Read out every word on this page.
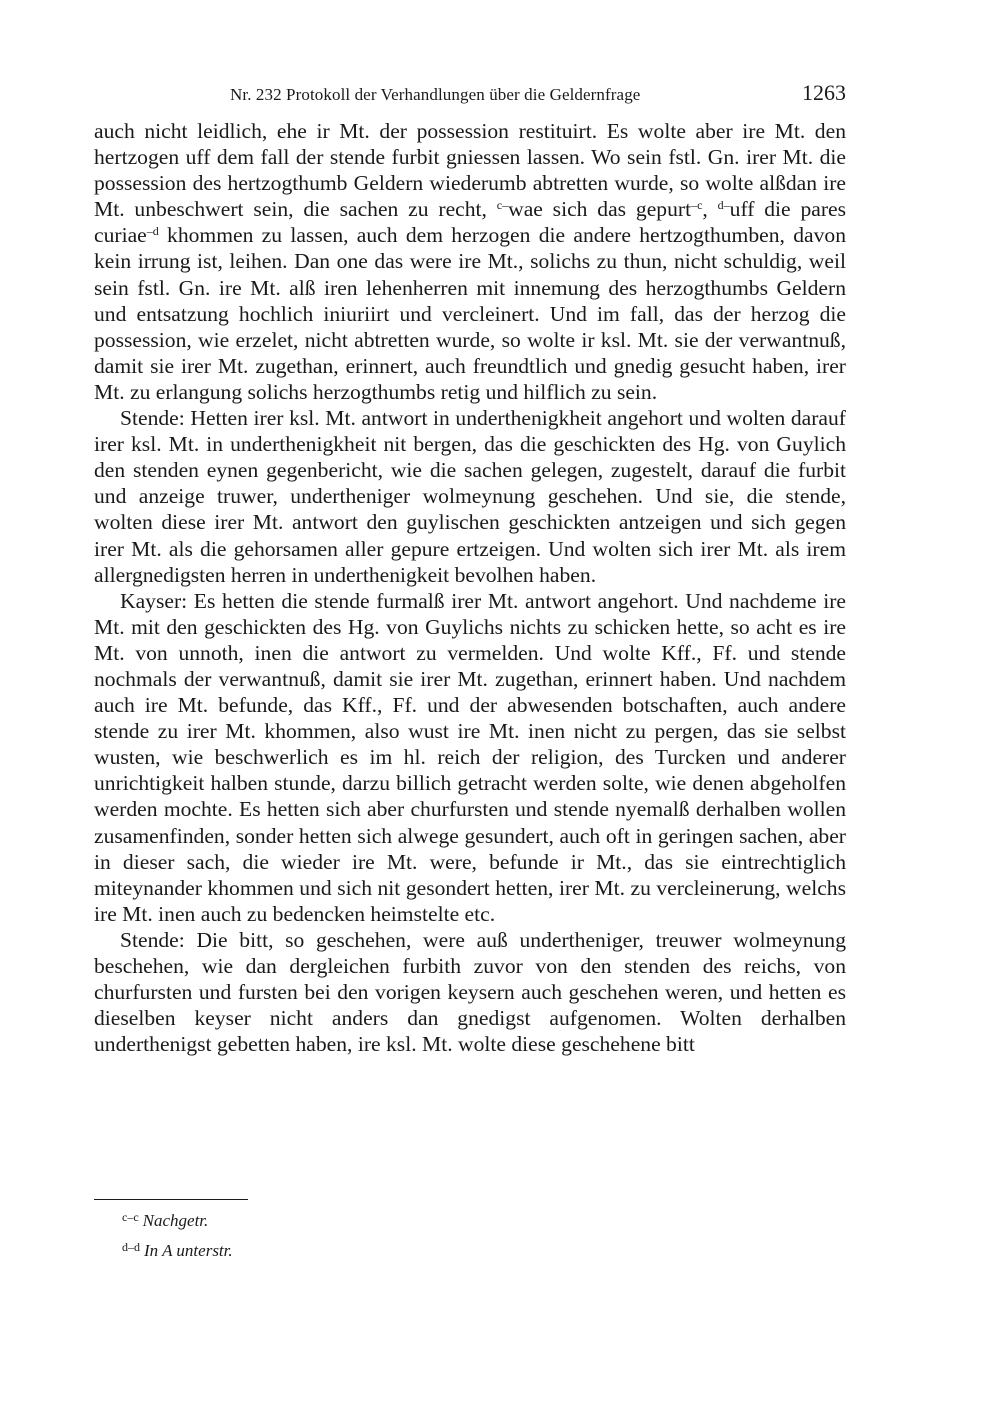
Nr. 232 Protokoll der Verhandlungen über die Geldernfrage	1263

auch nicht leidlich, ehe ir Mt. der possession restituirt. Es wolte aber ire Mt. den hertzogen uff dem fall der stende furbit gniessen lassen. Wo sein fstl. Gn. irer Mt. die possession des hertzogthumb Geldern wiederumb abtretten wurde, so wolte alßdan ire Mt. unbeschwert sein, die sachen zu recht, $^{c-}$wae sich das gepurt$^{-c}$, $^{d-}$uff die pares curiae$^{-d}$ khommen zu lassen, auch dem herzogen die andere hertzogthumben, davon kein irrung ist, leihen. Dan one das were ire Mt., solichs zu thun, nicht schuldig, weil sein fstl. Gn. ire Mt. alß iren lehenherren mit innemung des herzogthumbs Geldern und entsatzung hochlich iniuriirt und vercleinert. Und im fall, das der herzog die possession, wie erzelet, nicht abtretten wurde, so wolte ir ksl. Mt. sie der verwantnuß, damit sie irer Mt. zugethan, erinnert, auch freundtlich und gnedig gesucht haben, irer Mt. zu erlangung solichs herzogthumbs retig und hilflich zu sein.

Stende: Hetten irer ksl. Mt. antwort in underthenigkheit angehort und wolten darauf irer ksl. Mt. in underthenigkheit nit bergen, das die geschickten des Hg. von Guylich den stenden eynen gegenbericht, wie die sachen gelegen, zugestelt, darauf die furbit und anzeige truwer, undertheniger wolmeynung geschehen. Und sie, die stende, wolten diese irer Mt. antwort den guylischen geschickten antzeigen und sich gegen irer Mt. als die gehorsamen aller gepure ertzeigen. Und wolten sich irer Mt. als irem allergnedigsten herren in underthenigkeit bevolhen haben.

Kayser: Es hetten die stende furmalß irer Mt. antwort angehort. Und nachdeme ire Mt. mit den geschickten des Hg. von Guylichs nichts zu schicken hette, so acht es ire Mt. von unnoth, inen die antwort zu vermelden. Und wolte Kff., Ff. und stende nochmals der verwantnuß, damit sie irer Mt. zugethan, erinnert haben. Und nachdem auch ire Mt. befunde, das Kff., Ff. und der abwesenden botschaften, auch andere stende zu irer Mt. khommen, also wust ire Mt. inen nicht zu pergen, das sie selbst wusten, wie beschwerlich es im hl. reich der religion, des Turcken und anderer unrichtigkeit halben stunde, darzu billich getracht werden solte, wie denen abgeholfen werden mochte. Es hetten sich aber churfursten und stende nyemalß derhalben wollen zusamenfinden, sonder hetten sich alwege gesundert, auch oft in geringen sachen, aber in dieser sach, die wieder ire Mt. were, befunde ir Mt., das sie eintrechtiglich miteynander khommen und sich nit gesondert hetten, irer Mt. zu vercleinerung, welchs ire Mt. inen auch zu bedencken heimstelte etc.

Stende: Die bitt, so geschehen, were auß undertheniger, treuwer wolmeynung beschehen, wie dan dergleichen furbith zuvor von den stenden des reichs, von churfursten und fursten bei den vorigen keysern auch geschehen weren, und hetten es dieselben keyser nicht anders dan gnedigst aufgenomen. Wolten derhalben underthenigst gebetten haben, ire ksl. Mt. wolte diese geschehene bitt

$^{c-c}$ Nachgetr.
$^{d-d}$ In A unterstr.
